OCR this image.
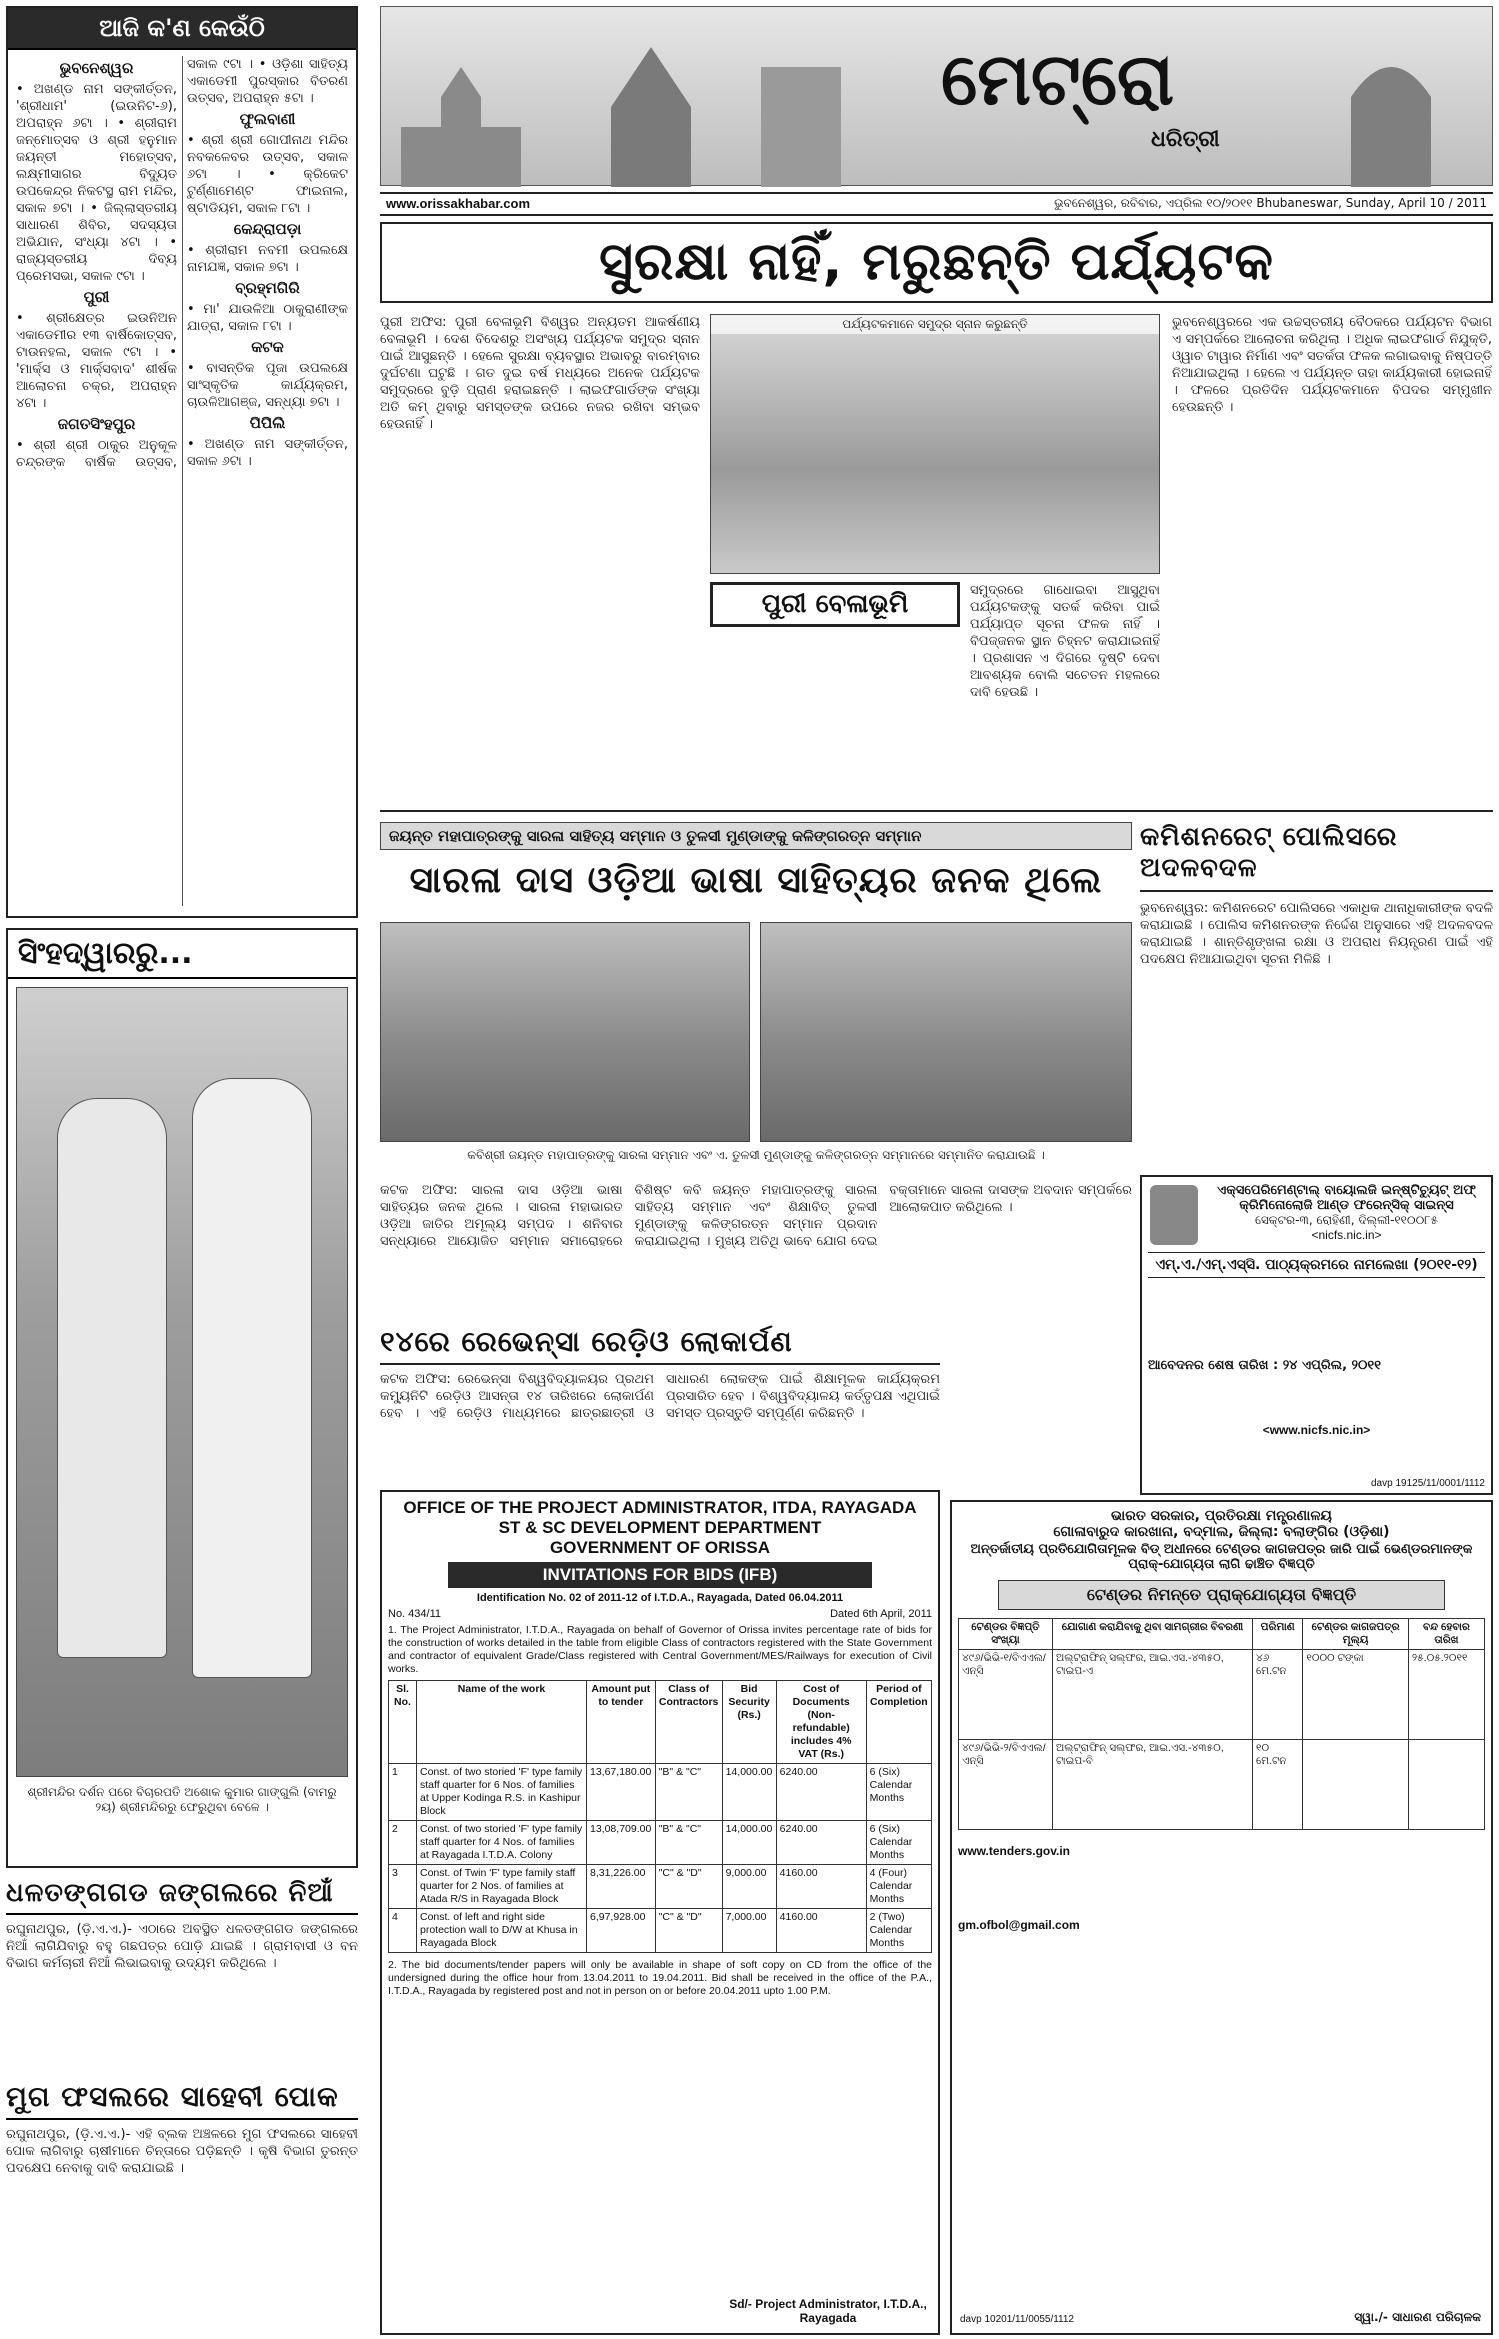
ଆଜି କ'ଣ କେଉଁଠି
ଭୁବନେଶ୍ୱର

• ଅଖଣ୍ଡ ନାମ ସଙ୍କୀର୍ତ୍ତନ, 'ଶ୍ରୀଧାମ' (ଇଉନିଟ-୬), ଅପରାହ୍ନ ୬ଟା । • ଶ୍ରୀରାମ ଜନ୍ମୋତ୍ସବ ଓ ଶ୍ରୀ ହନୁମାନ ଜୟନ୍ତୀ ମହୋତ୍ସବ, ଲକ୍ଷ୍ମୀସାଗର ବିଦ୍ୟୁତ ଉପକେନ୍ଦ୍ର ନିକଟସ୍ଥ ରାମ ମନ୍ଦିର, ସକାଳ ୭ଟା । • ଜିଲ୍ଲାସ୍ତରୀୟ ସାଧାରଣ ଶିବିର, ସଦସ୍ୟତା ଅଭିଯାନ, ସଂଧ୍ୟା ୪ଟା । • ରାଜ୍ୟସ୍ତରୀୟ ଦିବ୍ୟ ପ୍ରେମସଭା, ସକାଳ ୯ଟା ।

ପୁରୀ

• ଶ୍ରୀକ୍ଷେତ୍ର ଇଉନିଅନ ଏକାଡେମୀର ୧୩ ବାର୍ଷିକୋତ୍ସବ, ଟାଉନହଲ, ସକାଳ ୯ଟା । • 'ମାର୍କ୍ସ ଓ ମାର୍କ୍ସବାଦ' ଶୀର୍ଷକ ଆଲୋଚନା ଚକ୍ର, ଅପରାହ୍ନ ୪ଟା ।

ଜଗତସିଂହପୁର

• ଶ୍ରୀ ଶ୍ରୀ ଠାକୁର ଅନୁକୂଳ ଚନ୍ଦ୍ରଙ୍କ ବାର୍ଷିକ ଉତ୍ସବ, ସକାଳ ୯ଟା । • ଓଡ଼ିଶା ସାହିତ୍ୟ ଏକାଡେମୀ ପୁରସ୍କାର ବିତରଣ ଉତ୍ସବ, ଅପରାହ୍ନ ୫ଟା ।

ଫୁଲବାଣୀ

• ଶ୍ରୀ ଶ୍ରୀ ଗୋପୀନାଥ ମନ୍ଦିର ନବକଳେବର ଉତ୍ସବ, ସକାଳ ୬ଟା । • କ୍ରିକେଟ ଟୁର୍ଣ୍ଣାମେଣ୍ଟ ଫାଇନାଲ, ଷ୍ଟାଡିୟମ, ସକାଳ ୮ଟା ।

କେନ୍ଦ୍ରାପଡ଼ା

• ଶ୍ରୀରାମ ନବମୀ ଉପଲକ୍ଷେ ନାମଯଜ୍ଞ, ସକାଳ ୭ଟା ।

ବ୍ରହ୍ମଗିରି

• ମା' ଯାଉଳିଆ ଠାକୁରାଣୀଙ୍କ ଯାତ୍ରା, ସକାଳ ୮ଟା ।

କଟକ

• ବାସନ୍ତିକ ପୂଜା ଉପଲକ୍ଷେ ସାଂସ୍କୃତିକ କାର୍ଯ୍ୟକ୍ରମ, ଚାଉଳିଆଗଞ୍ଜ, ସନ୍ଧ୍ୟା ୭ଟା ।

ପିପିଲି

• ଅଖଣ୍ଡ ନାମ ସଙ୍କୀର୍ତ୍ତନ, ସକାଳ ୬ଟା ।

ସିଂହଦ୍ୱାରରୁ...
ଶ୍ରୀମନ୍ଦିର ଦର୍ଶନ ପରେ ବିଚାରପତି ଅଶୋକ କୁମାର ଗାଙ୍ଗୁଲି (ବାମରୁ ୨ୟ) ଶ୍ରୀମନ୍ଦିରରୁ ଫେରୁଥିବା ବେଳେ ।
ଧଳତଙ୍ଗଗଡ ଜଙ୍ଗଲରେ ନିଆଁ
ରଘୁନାଥପୁର, (ଡ଼ି.ଏ.ଏ.)- ଏଠାରେ ଅବସ୍ଥିତ ଧଳତଙ୍ଗଗଡ ଜଙ୍ଗଲରେ ନିଆଁ ଲାଗିଯିବାରୁ ବହୁ ଗଛପତ୍ର ପୋଡ଼ି ଯାଇଛି । ଗ୍ରାମବାସୀ ଓ ବନ ବିଭାଗ କର୍ମଚାରୀ ନିଆଁ ଲିଭାଇବାକୁ ଉଦ୍ୟମ କରିଥିଲେ ।
ମୁଗ ଫସଲରେ ସାହେବୀ ପୋକ
ରଘୁନାଥପୁର, (ଡ଼ି.ଏ.ଏ.)- ଏହି ବ୍ଲକ ଅଞ୍ଚଳରେ ମୁଗ ଫସଲରେ ସାହେବୀ ପୋକ ଲାଗିବାରୁ ଚାଷୀମାନେ ଚିନ୍ତାରେ ପଡ଼ିଛନ୍ତି । କୃଷି ବିଭାଗ ତୁରନ୍ତ ପଦକ୍ଷେପ ନେବାକୁ ଦାବି କରାଯାଇଛି ।
ମେଟ୍ରୋ
ଧରିତ୍ରୀ
www.orissakhabar.com	ଭୁବନେଶ୍ୱର, ରବିବାର, ଏପ୍ରିଲ ୧୦/୨୦୧୧ Bhubaneswar, Sunday, April 10 / 2011
ସୁରକ୍ଷା ନାହିଁ, ମରୁଛନ୍ତି ପର୍ଯ୍ୟଟକ
ପୁରୀ ଅଫିସ: ପୁରୀ ବେଳାଭୂମି ବିଶ୍ୱର ଅନ୍ୟତମ ଆକର୍ଷଣୀୟ ବେଳାଭୂମି । ଦେଶ ବିଦେଶରୁ ଅସଂଖ୍ୟ ପର୍ଯ୍ୟଟକ ସମୁଦ୍ର ସ୍ନାନ ପାଇଁ ଆସୁଛନ୍ତି । ହେଲେ ସୁରକ୍ଷା ବ୍ୟବସ୍ଥାର ଅଭାବରୁ ବାରମ୍ବାର ଦୁର୍ଘଟଣା ଘଟୁଛି । ଗତ ଦୁଇ ବର୍ଷ ମଧ୍ୟରେ ଅନେକ ପର୍ଯ୍ୟଟକ ସମୁଦ୍ରରେ ବୁଡ଼ି ପ୍ରାଣ ହରାଇଛନ୍ତି । ଲାଇଫଗାର୍ଡଙ୍କ ସଂଖ୍ୟା ଅତି କମ୍ ଥିବାରୁ ସମସ୍ତଙ୍କ ଉପରେ ନଜର ରଖିବା ସମ୍ଭବ ହେଉନାହିଁ ।
ପର୍ଯ୍ୟଟକମାନେ ସମୁଦ୍ର ସ୍ନାନ କରୁଛନ୍ତି
ପୁରୀ ବେଳାଭୂମି	ସମୁଦ୍ରରେ ଗାଧୋଇବା ଆସୁଥିବା ପର୍ଯ୍ୟଟକଙ୍କୁ ସତର୍କ କରିବା ପାଇଁ ପର୍ଯ୍ୟାପ୍ତ ସୂଚନା ଫଳକ ନାହିଁ । ବିପଜ୍ଜନକ ସ୍ଥାନ ଚିହ୍ନଟ କରାଯାଇନାହିଁ । ପ୍ରଶାସନ ଏ ଦିଗରେ ଦୃଷ୍ଟି ଦେବା ଆବଶ୍ୟକ ବୋଲି ସଚେତନ ମହଲରେ ଦାବି ହେଉଛି ।
ଭୁବନେଶ୍ୱରରେ ଏକ ଉଚ୍ଚସ୍ତରୀୟ ବୈଠକରେ ପର୍ଯ୍ୟଟନ ବିଭାଗ ଏ ସମ୍ପର୍କରେ ଆଲୋଚନା କରିଥିଲା । ଅଧିକ ଲାଇଫଗାର୍ଡ ନିଯୁକ୍ତି, ଓ୍ୱାଚ ଟାୱାର ନିର୍ମାଣ ଏବଂ ସତର୍କତା ଫଳକ ଲଗାଇବାକୁ ନିଷ୍ପତ୍ତି ନିଆଯାଇଥିଲା । ହେଲେ ଏ ପର୍ଯ୍ୟନ୍ତ ତାହା କାର୍ଯ୍ୟକାରୀ ହୋଇନାହିଁ । ଫଳରେ ପ୍ରତିଦିନ ପର୍ଯ୍ୟଟକମାନେ ବିପଦର ସମ୍ମୁଖୀନ ହେଉଛନ୍ତି ।
ଜୟନ୍ତ ମହାପାତ୍ରଙ୍କୁ ସାରଳା ସାହିତ୍ୟ ସମ୍ମାନ ଓ ତୁଳସୀ ମୁଣ୍ଡାଙ୍କୁ କଳିଙ୍ଗରତ୍ନ ସମ୍ମାନ
ସାରଳା ଦାସ ଓଡ଼ିଆ ଭାଷା ସାହିତ୍ୟର ଜନକ ଥିଲେ
କବିଶ୍ରୀ ଜୟନ୍ତ ମହାପାତ୍ରଙ୍କୁ ସାରଳା ସମ୍ମାନ ଏବଂ ଏ. ତୁଳସୀ ମୁଣ୍ଡାଙ୍କୁ କଳିଙ୍ଗରତ୍ନ ସମ୍ମାନରେ ସମ୍ମାନିତ କରାଯାଉଛି ।
କଟକ ଅଫିସ: ସାରଳା ଦାସ ଓଡ଼ିଆ ଭାଷା ସାହିତ୍ୟର ଜନକ ଥିଲେ । ସାରଳା ମହାଭାରତ ଓଡ଼ିଆ ଜାତିର ଅମୂଲ୍ୟ ସମ୍ପଦ । ଶନିବାର ସନ୍ଧ୍ୟାରେ ଆୟୋଜିତ ସମ୍ମାନ ସମାରୋହରେ ବିଶିଷ୍ଟ କବି ଜୟନ୍ତ ମହାପାତ୍ରଙ୍କୁ ସାରଳା ସାହିତ୍ୟ ସମ୍ମାନ ଏବଂ ଶିକ୍ଷାବିତ୍ ତୁଳସୀ ମୁଣ୍ଡାଙ୍କୁ କଳିଙ୍ଗରତ୍ନ ସମ୍ମାନ ପ୍ରଦାନ କରାଯାଇଥିଲା । ମୁଖ୍ୟ ଅତିଥି ଭାବେ ଯୋଗ ଦେଇ ବକ୍ତାମାନେ ସାରଳା ଦାସଙ୍କ ଅବଦାନ ସମ୍ପର୍କରେ ଆଲୋକପାତ କରିଥିଲେ ।
କମିଶନରେଟ୍ ପୋଲିସରେ ଅଦଳବଦଳ
ଭୁବନେଶ୍ୱର: କମିଶନରେଟ ପୋଲିସରେ ଏକାଧିକ ଥାନାଧିକାରୀଙ୍କ ବଦଳି କରାଯାଇଛି । ପୋଲିସ କମିଶନରଙ୍କ ନିର୍ଦ୍ଦେଶ ଅନୁସାରେ ଏହି ଅଦଳବଦଳ କରାଯାଇଛି । ଶାନ୍ତିଶୃଙ୍ଖଳା ରକ୍ଷା ଓ ଅପରାଧ ନିୟନ୍ତ୍ରଣ ପାଇଁ ଏହି ପଦକ୍ଷେପ ନିଆଯାଇଥିବା ସୂଚନା ମିଳିଛି ।
ଏକ୍ସପେରିମେଣ୍ଟାଲ୍ ବାୟୋଲଜି ଇନ୍‌ଷ୍ଟିଚ୍ୟୁଟ୍ ଅଫ୍ କ୍ରିମିନୋଲୋଜି ଆଣ୍ଡ ଫରେନ୍‌ସିକ୍ ସାଇନ୍ସ
ସେକ୍ଟର-୩, ରୋହିଣୀ, ଦିଲ୍ଲୀ-୧୧୦୦୮୫
<nicfs.nic.in>
ଏମ୍.ଏ./ଏମ୍.ଏସ୍‌ସି. ପାଠ୍ୟକ୍ରମରେ ନାମଲେଖା (୨୦୧୧-୧୨)
ଆବେଦନର ଶେଷ ତାରିଖ : ୨୪ ଏପ୍ରିଲ, ୨୦୧୧
<www.nicfs.nic.in>
davp 19125/11/0001/1112
୧୪ରେ ରେଭେନ୍ସା ରେଡ଼ିଓ ଲୋକାର୍ପଣ
କଟକ ଅଫିସ: ରେଭେନ୍ସା ବିଶ୍ୱବିଦ୍ୟାଳୟର ପ୍ରଥମ କମ୍ୟୁନିଟି ରେଡ଼ିଓ ଆସନ୍ତା ୧୪ ତାରିଖରେ ଲୋକାର୍ପଣ ହେବ । ଏହି ରେଡ଼ିଓ ମାଧ୍ୟମରେ ଛାତ୍ରଛାତ୍ରୀ ଓ ସାଧାରଣ ଲୋକଙ୍କ ପାଇଁ ଶିକ୍ଷାମୂଳକ କାର୍ଯ୍ୟକ୍ରମ ପ୍ରସାରିତ ହେବ । ବିଶ୍ୱବିଦ୍ୟାଳୟ କର୍ତ୍ତୃପକ୍ଷ ଏଥିପାଇଁ ସମସ୍ତ ପ୍ରସ୍ତୁତି ସମ୍ପୂର୍ଣ୍ଣ କରିଛନ୍ତି ।
OFFICE OF THE PROJECT ADMINISTRATOR, ITDA, RAYAGADA
ST & SC DEVELOPMENT DEPARTMENT
GOVERNMENT OF ORISSA
INVITATIONS FOR BIDS (IFB)
Identification No. 02 of 2011-12 of I.T.D.A., Rayagada, Dated 06.04.2011
No. 434/11	Dated 6th April, 2011
1. The Project Administrator, I.T.D.A., Rayagada on behalf of Governor of Orissa invites percentage rate of bids for the construction of works detailed in the table from eligible Class of contractors registered with the State Government and contractor of equivalent Grade/Class registered with Central Government/MES/Railways for execution of Civil works.
Sl. No.	Name of the work	Amount put to tender	Class of Contractors	Bid Security (Rs.)	Cost of Documents (Non-refundable) includes 4% VAT (Rs.)	Period of Completion
1	Const. of two storied 'F' type family staff quarter for 6 Nos. of families at Upper Kodinga R.S. in Kashipur Block	13,67,180.00	"B" & "C"	14,000.00	6240.00	6 (Six) Calendar Months
2	Const. of two storied 'F' type family staff quarter for 4 Nos. of families at Rayagada I.T.D.A. Colony	13,08,709.00	"B" & "C"	14,000.00	6240.00	6 (Six) Calendar Months
3	Const. of Twin 'F' type family staff quarter for 2 Nos. of families at Atada R/S in Rayagada Block	8,31,226.00	"C" & "D"	9,000.00	4160.00	4 (Four) Calendar Months
4	Const. of left and right side protection wall to D/W at Khusa in Rayagada Block	6,97,928.00	"C" & "D"	7,000.00	4160.00	2 (Two) Calendar Months
2. The bid documents/tender papers will only be available in shape of soft copy on CD from the office of the undersigned during the office hour from 13.04.2011 to 19.04.2011. Bid shall be received in the office of the P.A., I.T.D.A., Rayagada by registered post and not in person on or before 20.04.2011 upto 1.00 P.M.
Sd/- Project Administrator, I.T.D.A., Rayagada
ଭାରତ ସରକାର, ପ୍ରତିରକ୍ଷା ମନ୍ତ୍ରଣାଳୟ
ଗୋଳାବାରୁଦ କାରଖାନା, ବଦ୍ମାଲ, ଜିଲ୍ଲା: ବଲାଙ୍ଗିର (ଓଡ଼ିଶା)
ଅନ୍ତର୍ଜାତୀୟ ପ୍ରତିଯୋଗିତାମୂଳକ ବିଡ୍ ଅଧୀନରେ ଟେଣ୍ଡର କାଗଜପତ୍ର ଜାରି ପାଇଁ ଭେଣ୍ଡରମାନଙ୍କ ପ୍ରାକ୍-ଯୋଗ୍ୟତା ଲାଗି ଢାଞ୍ଚିତ ବିଜ୍ଞପ୍ତି
ଟେଣ୍ଡର ନିମନ୍ତେ ପ୍ରାକ୍‌ଯୋଗ୍ୟତା ବିଜ୍ଞପ୍ତି
ଟେଣ୍ଡର ବିଜ୍ଞପ୍ତି ସଂଖ୍ୟା	ଯୋଗାଣ କରାଯିବାକୁ ଥିବା ସାମଗ୍ରୀର ବିବରଣୀ	ପରିମାଣ	ଟେଣ୍ଡର କାଗଜପତ୍ର ମୂଲ୍ୟ	ବନ୍ଦ ହେବାର ତାରିଖ
୪୯୬/ଭିଭି-୧/ବିଏଏଲ/ଏନ୍‌ସି	ଅଲ୍‌ଟ୍ରାଫିନ୍ ସଲ୍ଫର, ଆଇ.ଏସ.-୪୩୫୦, ଟାଇପ-ଏ	୪୬ ମେ.ଟନ	୧୦୦୦ ଟଙ୍କା	୨୫.୦୫.୨୦୧୧
୪୯୬/ଭିଭି-୨/ବିଏଏଲ/ଏନ୍‌ସି	ଅଲ୍‌ଟ୍ରାଫିନ୍ ସଲ୍ଫର, ଆଇ.ଏସ.-୪୩୫୦, ଟାଇପ-ବି	୧୦ ମେ.ଟନ		
www.tenders.gov.in
gm.ofbol@gmail.com
davp 10201/11/0055/1112	ସ୍ୱା./- ସାଧାରଣ ପରିଚାଳକ
